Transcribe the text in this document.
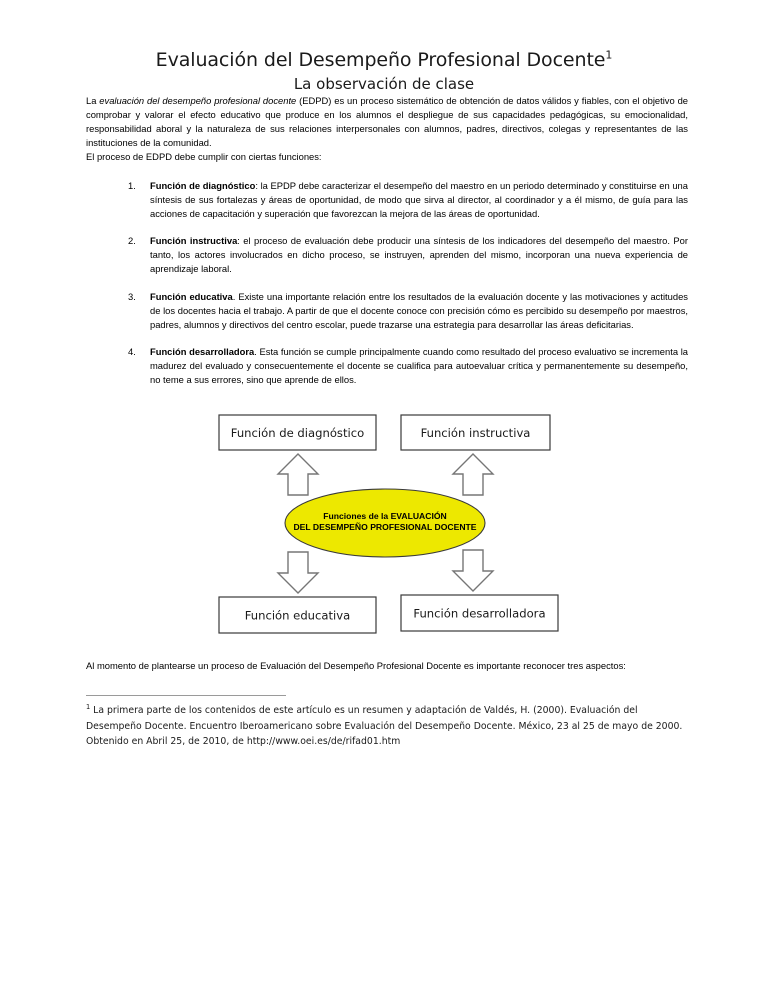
Evaluación del Desempeño Profesional Docente$^1$
La observación de clase

La evaluación del desempeño profesional docente (EDPD) es un proceso sistemático de obtención de datos válidos y fiables, con el objetivo de comprobar y valorar el efecto educativo que produce en los alumnos el despliegue de sus capacidades pedagógicas, su emocionalidad, responsabilidad aboral y la naturaleza de sus relaciones interpersonales con alumnos, padres, directivos, colegas y representantes de las instituciones de la comunidad.

El proceso de EDPD debe cumplir con ciertas funciones:

Función de diagnóstico: la EPDP debe caracterizar el desempeño del maestro en un periodo determinado y constituirse en una síntesis de sus fortalezas y áreas de oportunidad, de modo que sirva al director, al coordinador y a él mismo, de guía para las acciones de capacitación y superación que favorezcan la mejora de las áreas de oportunidad.
Función instructiva: el proceso de evaluación debe producir una síntesis de los indicadores del desempeño del maestro. Por tanto, los actores involucrados en dicho proceso, se instruyen, aprenden del mismo, incorporan una nueva experiencia de aprendizaje laboral.
Función educativa. Existe una importante relación entre los resultados de la evaluación docente y las motivaciones y actitudes de los docentes hacia el trabajo. A partir de que el docente conoce con precisión cómo es percibido su desempeño por maestros, padres, alumnos y directivos del centro escolar, puede trazarse una estrategia para desarrollar las áreas deficitarias.
Función desarrolladora. Esta función se cumple principalmente cuando como resultado del proceso evaluativo se incrementa la madurez del evaluado y consecuentemente el docente se cualifica para autoevaluar crítica y permanentemente su desempeño, no teme a sus errores, sino que aprende de ellos.
Función de diagnóstico	Función instructiva
Función educativa	Función desarrolladora
Funciones de la EVALUACIÓN
DEL DESEMPEÑO PROFESIONAL DOCENTE

Al momento de plantearse un proceso de Evaluación del Desempeño Profesional Docente es importante reconocer tres aspectos:

$^1$ La primera parte de los contenidos de este artículo es un resumen y adaptación de Valdés, H. (2000). Evaluación del Desempeño Docente. Encuentro Iberoamericano sobre Evaluación del Desempeño Docente. México, 23 al 25 de mayo de 2000. Obtenido en Abril 25, de 2010, de http://www.oei.es/de/rifad01.htm
